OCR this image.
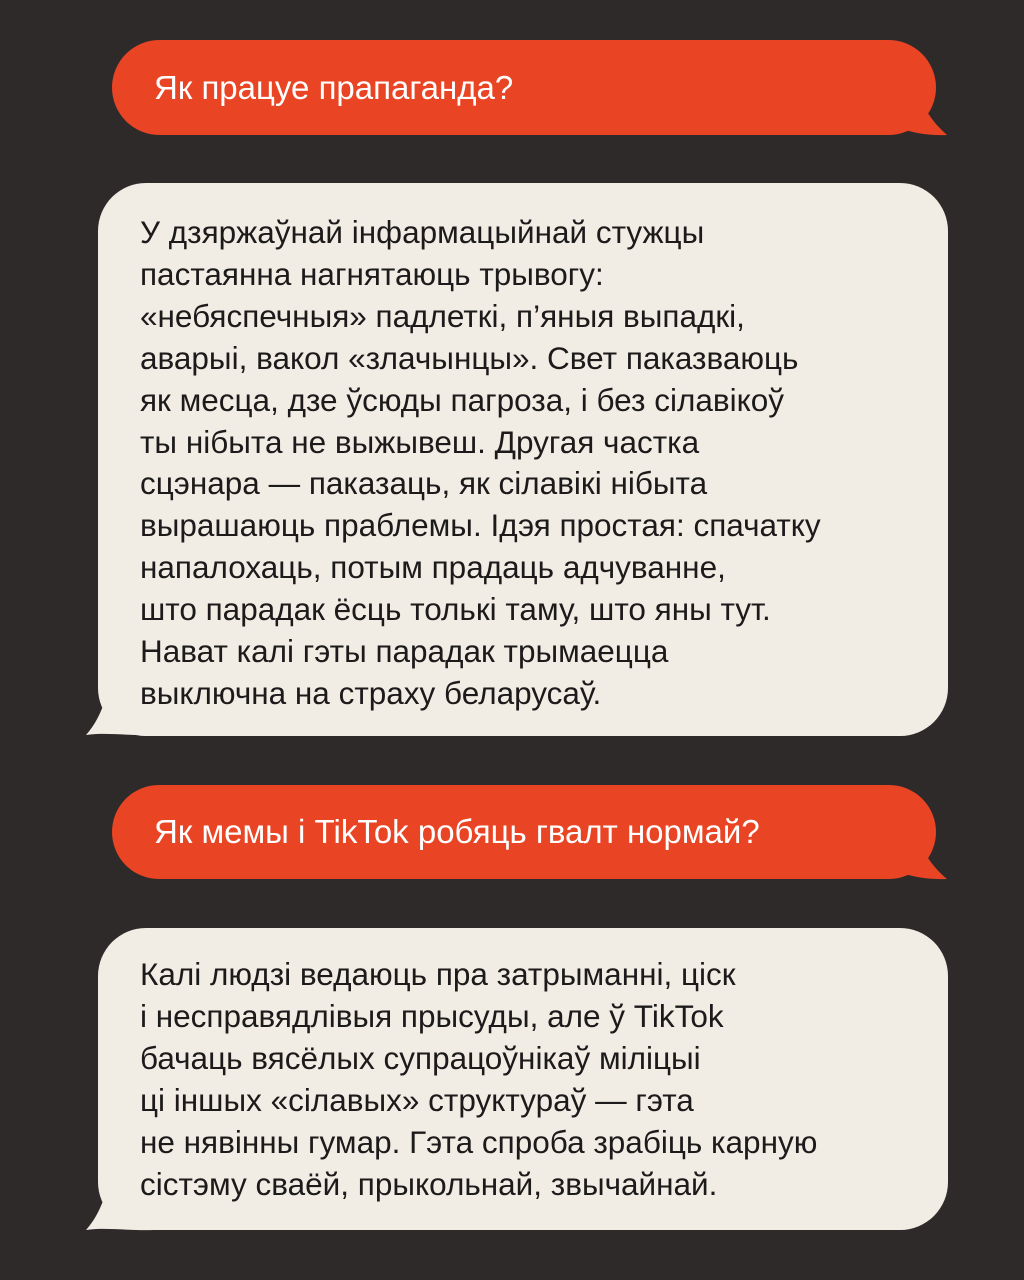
Як працуе прапаганда?
У дзяржаўнай інфармацыйнай стужцы
пастаянна нагнятаюць трывогу:
«небяспечныя» падлеткі, п’яныя выпадкі,
аварыі, вакол «злачынцы». Свет паказваюць
як месца, дзе ўсюды пагроза, і без сілавікоў
ты нібыта не выжывеш. Другая частка
сцэнара — паказаць, як сілавікі нібыта
вырашаюць праблемы. Ідэя простая: спачатку
напалохаць, потым прадаць адчуванне,
што парадак ёсць толькі таму, што яны тут.
Нават калі гэты парадак трымаецца
выключна на страху беларусаў.
Як мемы і TikTok робяць гвалт нормай?
Калі людзі ведаюць пра затрыманні, ціск
і несправядлівыя прысуды, але ў TikTok
бачаць вясёлых супрацоўнікаў міліцыі
ці іншых «сілавых» структураў — гэта
не нявінны гумар. Гэта спроба зрабіць карную
сістэму сваёй, прыкольнай, звычайнай.
